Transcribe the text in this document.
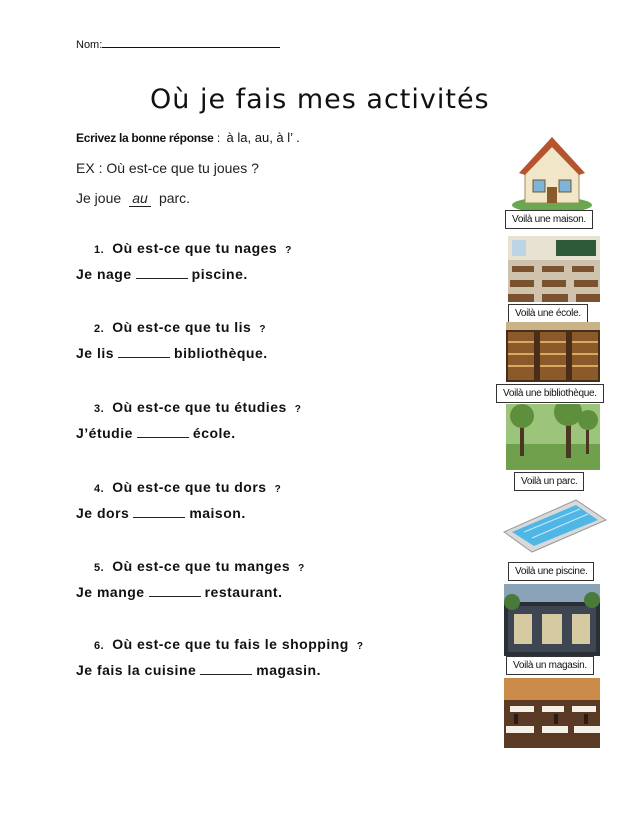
Nom:
Où je fais mes activités
Ecrivez la bonne réponse : à la, au, à l’ .
EX : Où est-ce que tu joues ?
Je joue au parc.
1. Où est-ce que tu nages ?
Je nage	piscine.
2. Où est-ce que tu lis ?
Je lis	bibliothèque.
3. Où est-ce que tu étudies ?
J’étudie	école.
4. Où est-ce que tu dors ?
Je dors	maison.
5. Où est-ce que tu manges ?
Je mange	restaurant.
6. Où est-ce que tu fais le shopping ?
Je fais la cuisine	magasin.
Voilà une maison.
Voilà une école.
Voilà une bibliothèque.
Voilà un parc.
Voilà une piscine.
Voilà un magasin.
